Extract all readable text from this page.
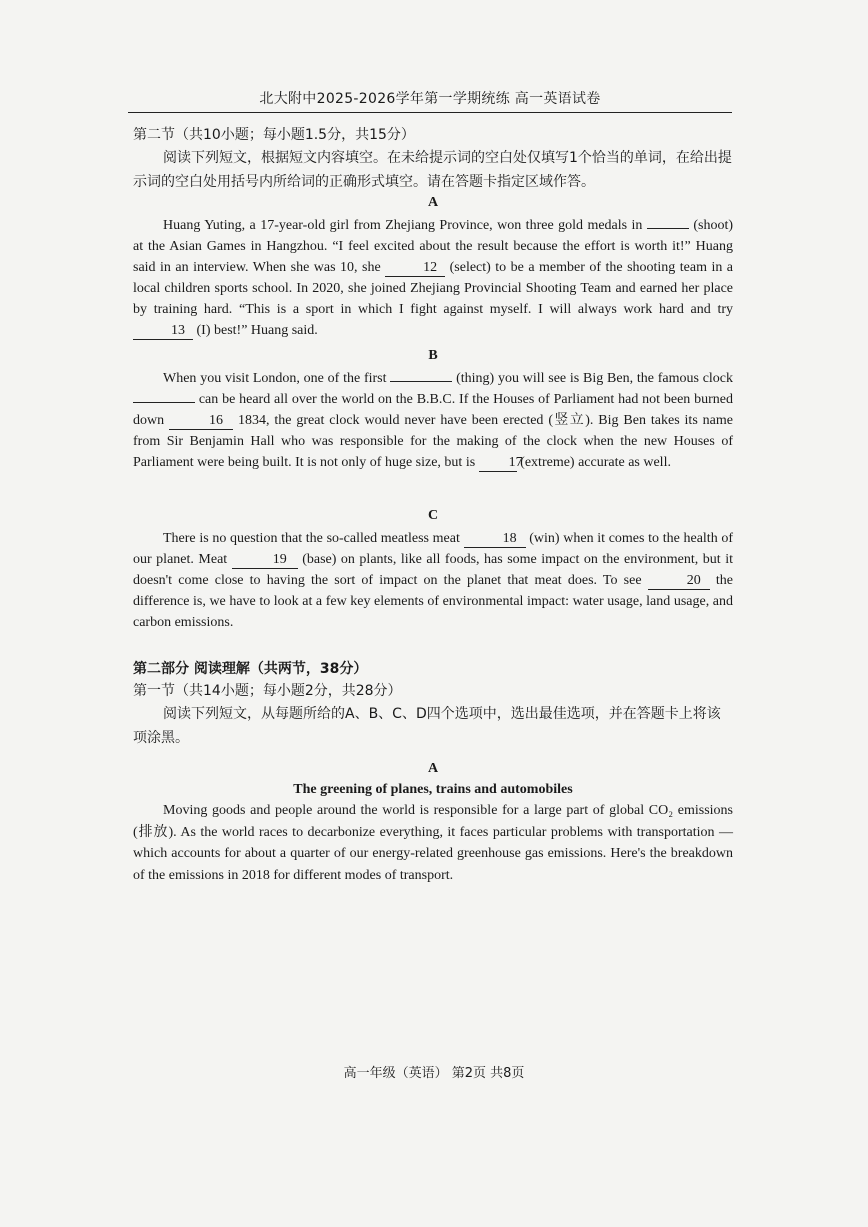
北大附中2025-2026学年第一学期统练 高一英语试卷
第二节（共10小题；每小题1.5分，共15分）
阅读下列短文，根据短文内容填空。在未给提示词的空白处仅填写1个恰当的单词，在给出提示词的空白处用括号内所给词的正确形式填空。请在答题卡指定区域作答。
A
Huang Yuting, a 17-year-old girl from Zhejiang Province, won three gold medals in	(shoot) at the Asian Games in Hangzhou. “I feel excited about the result because the effort is worth it!” Huang said in an interview. When she was 10, she	12 (select) to be a member of the shooting team in a local children sports school. In 2020, she joined Zhejiang Provincial Shooting Team and earned her place by training hard. “This is a sport in which I fight against myself. I will always work hard and try 13 (I) best!” Huang said.
B
When you visit London, one of the first	(thing) you will see is Big Ben, the famous clock  can be heard all over the world on the B.B.C. If the Houses of Parliament had not been burned down	16 1834, the great clock would never have been erected (竖立). Big Ben takes its name from Sir Benjamin Hall who was responsible for the making of the clock when the new Houses of Parliament were being built. It is not only of huge size, but is 17 (extreme) accurate as well.
C
There is no question that the so-called meatless meat	18 (win) when it comes to the health of our planet. Meat	19 (base) on plants, like all foods, has some impact on the environment, but it doesn't come close to having the sort of impact on the planet that meat does. To see	20 the difference is, we have to look at a few key elements of environmental impact: water usage, land usage, and carbon emissions.
第二部分 阅读理解（共两节，38分）
第一节（共14小题；每小题2分，共28分）
阅读下列短文，从每题所给的A、B、C、D四个选项中，选出最佳选项，并在答题卡上将该项涂黑。
A
The greening of planes, trains and automobiles
Moving goods and people around the world is responsible for a large part of global CO₂ emissions (排放). As the world races to decarbonize everything, it faces particular problems with transportation — which accounts for about a quarter of our energy-related greenhouse gas emissions. Here's the breakdown of the emissions in 2018 for different modes of transport.
高一年级（英语） 第2页 共8页
